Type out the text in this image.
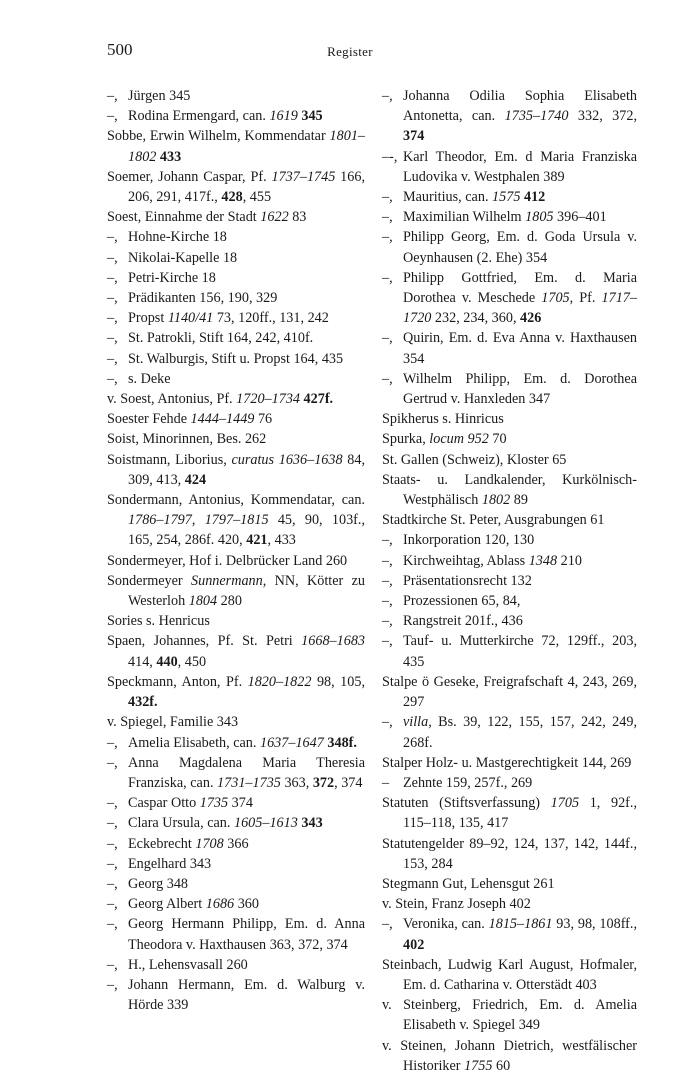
500	Register
–, Jürgen 345
–, Rodina Ermengard, can. 1619 345
Sobbe, Erwin Wilhelm, Kommendatar 1801–1802 433
Soemer, Johann Caspar, Pf. 1737–1745 166, 206, 291, 417f., 428, 455
Soest, Einnahme der Stadt 1622 83
–, Hohne-Kirche 18
–, Nikolai-Kapelle 18
–, Petri-Kirche 18
–, Prädikanten 156, 190, 329
–, Propst 1140/41 73, 120ff., 131, 242
–, St. Patrokli, Stift 164, 242, 410f.
–, St. Walburgis, Stift u. Propst 164, 435
–, s. Deke
v. Soest, Antonius, Pf. 1720–1734 427f.
Soester Fehde 1444–1449 76
Soist, Minorinnen, Bes. 262
Soistmann, Liborius, curatus 1636–1638 84, 309, 413, 424
Sondermann, Antonius, Kommendatar, can. 1786–1797, 1797–1815 45, 90, 103f., 165, 254, 286f. 420, 421, 433
Sondermeyer, Hof i. Delbrücker Land 260
Sondermeyer Sunnermann, NN, Kötter zu Westerloh 1804 280
Sories s. Henricus
Spaen, Johannes, Pf. St. Petri 1668–1683 414, 440, 450
Speckmann, Anton, Pf. 1820–1822 98, 105, 432f.
v. Spiegel, Familie 343
–, Amelia Elisabeth, can. 1637–1647 348f.
–, Anna Magdalena Maria Theresia Franziska, can. 1731–1735 363, 372, 374
–, Caspar Otto 1735 374
–, Clara Ursula, can. 1605–1613 343
–, Eckebrecht 1708 366
–, Engelhard 343
–, Georg 348
–, Georg Albert 1686 360
–, Georg Hermann Philipp, Em. d. Anna Theodora v. Haxthausen 363, 372, 374
–, H., Lehensvasall 260
–, Johann Hermann, Em. d. Walburg v. Hörde 339
–, Johanna Odilia Sophia Elisabeth Antonetta, can. 1735–1740 332, 372, 374
–-, Karl Theodor, Em. d Maria Franziska Ludovika v. Westphalen 389
–, Mauritius, can. 1575 412
–, Maximilian Wilhelm 1805 396–401
–, Philipp Georg, Em. d. Goda Ursula v. Oeynhausen (2. Ehe) 354
–, Philipp Gottfried, Em. d. Maria Dorothea v. Meschede 1705, Pf. 1717–1720 232, 234, 360, 426
–, Quirin, Em. d. Eva Anna v. Haxthausen 354
–, Wilhelm Philipp, Em. d. Dorothea Gertrud v. Hanxleden 347
Spikherus s. Hinricus
Spurka, locum 952 70
St. Gallen (Schweiz), Kloster 65
Staats- u. Landkalender, Kurkölnisch-Westphälisch 1802 89
Stadtkirche St. Peter, Ausgrabungen 61
–, Inkorporation 120, 130
–, Kirchweihtag, Ablass 1348 210
–, Präsentationsrecht 132
–, Prozessionen 65, 84,
–, Rangstreit 201f., 436
–, Tauf- u. Mutterkirche 72, 129ff., 203, 435
Stalpe ö Geseke, Freigrafschaft 4, 243, 269, 297
–, villa, Bs. 39, 122, 155, 157, 242, 249, 268f.
Stalper Holz- u. Mastgerechtigkeit 144, 269
– Zehnte 159, 257f., 269
Statuten (Stiftsverfassung) 1705 1, 92f., 115–118, 135, 417
Statutengelder 89–92, 124, 137, 142, 144f., 153, 284
Stegmann Gut, Lehensgut 261
v. Stein, Franz Joseph 402
–, Veronika, can. 1815–1861 93, 98, 108ff., 402
Steinbach, Ludwig Karl August, Hofmaler, Em. d. Catharina v. Otterstädt 403
v. Steinberg, Friedrich, Em. d. Amelia Elisabeth v. Spiegel 349
v. Steinen, Johann Dietrich, westfälischer Historiker 1755 60
